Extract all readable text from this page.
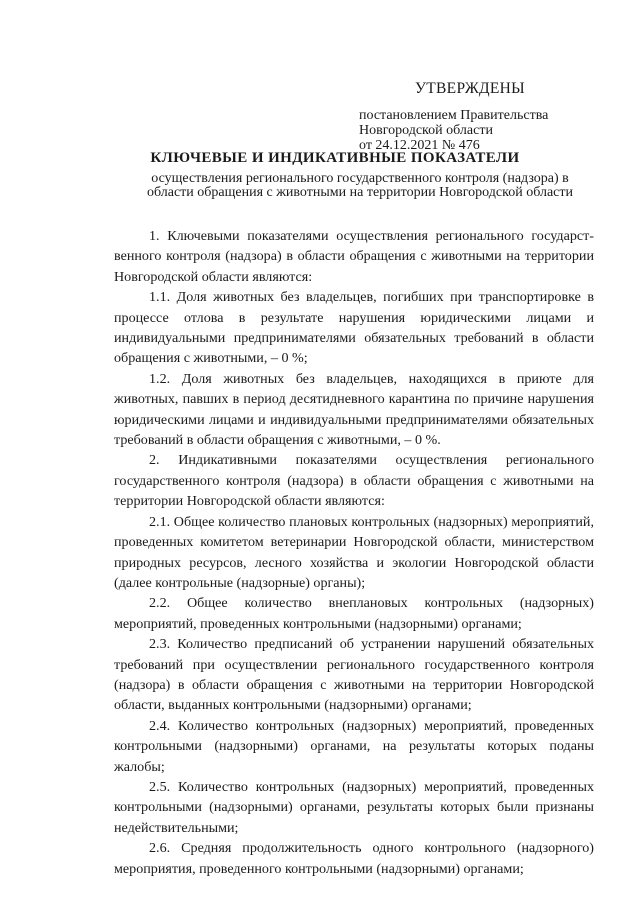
УТВЕРЖДЕНЫ
постановлением Правительства
Новгородской области
от 24.12.2021 № 476
КЛЮЧЕВЫЕ И ИНДИКАТИВНЫЕ ПОКАЗАТЕЛИ
осуществления регионального государственного контроля (надзора) в
области обращения с животными на территории Новгородской области

1. Ключевыми показателями осуществления регионального государст-венного контроля (надзора) в области обращения с животными на территории Новгородской области являются:

1.1. Доля животных без владельцев, погибших при транспортировке в процессе отлова в результате нарушения юридическими лицами и индивидуальными предпринимателями обязательных требований в области обращения с животными, – 0 %;

1.2. Доля животных без владельцев, находящихся в приюте для животных, павших в период десятидневного карантина по причине нарушения юридическими лицами и индивидуальными предпринимателями обязательных требований в области обращения с животными, – 0 %.

2. Индикативными показателями осуществления регионального государственного контроля (надзора) в области обращения с животными на территории Новгородской области являются:

2.1. Общее количество плановых контрольных (надзорных) мероприятий, проведенных комитетом ветеринарии Новгородской области, министерством природных ресурсов, лесного хозяйства и экологии Новгородской области (далее контрольные (надзорные) органы);

2.2. Общее количество внеплановых контрольных (надзорных) мероприятий, проведенных контрольными (надзорными) органами;

2.3. Количество предписаний об устранении нарушений обязательных требований при осуществлении регионального государственного контроля (надзора) в области обращения с животными на территории Новгородской области, выданных контрольными (надзорными) органами;

2.4. Количество контрольных (надзорных) мероприятий, проведенных контрольными (надзорными) органами, на результаты которых поданы жалобы;

2.5. Количество контрольных (надзорных) мероприятий, проведенных контрольными (надзорными) органами, результаты которых были признаны недействительными;

2.6. Средняя продолжительность одного контрольного (надзорного) мероприятия, проведенного контрольными (надзорными) органами;
